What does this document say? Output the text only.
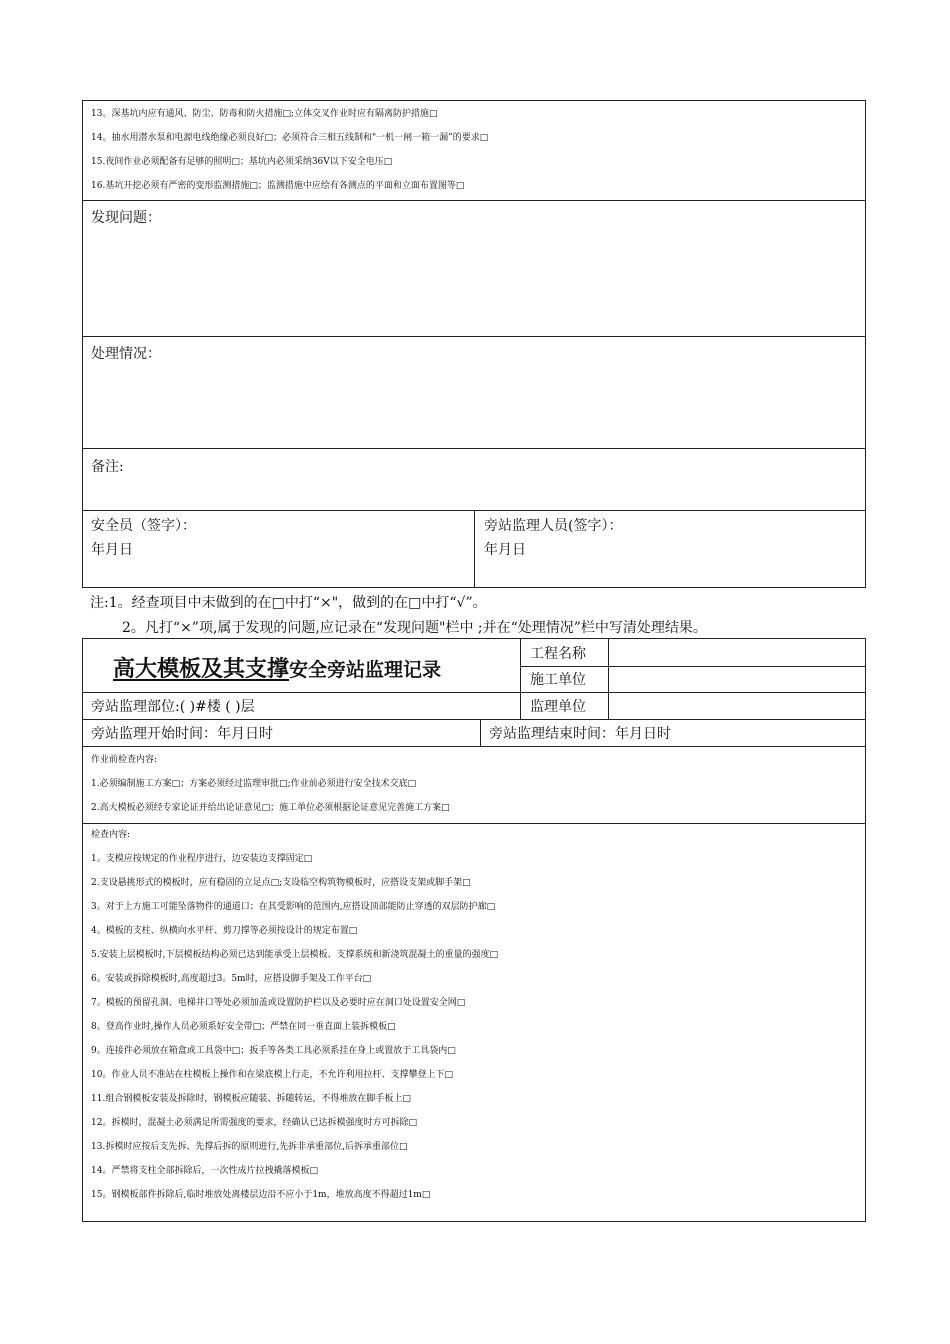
13。深基坑内应有通风、防尘、防毒和防火措施□;立体交叉作业时应有隔离防护措施□
14。抽水用潜水泵和电源电线绝缘必须良好□；必须符合三相五线制和"一机一闸一箱一漏”的要求□
15.夜间作业必须配备有足够的照明□；基坑内必须采纳36V以下安全电压□
16.基坑开挖必须有严密的变形监测措施□；监测措施中应绘有各测点的平面和立面布置图等□
发现问题：
处理情况：
备注:
安全员（签字）：
年月日
旁站监理人员(签字）：
年月日
注:1。经查项目中未做到的在□中打“×"，做到的在□中打“√”。
2。凡打“×”项,属于发现的问题,应记录在“发现问题"栏中 ;并在“处理情况”栏中写清处理结果。
高大模板及其支撑安全旁站监理记录
工程名称
施工单位
监理单位
旁站监理部位:( )#楼 ( )层
旁站监理开始时间：年月日时	旁站监理结束时间：年月日时
作业前检查内容:
1.必须编制施工方案□；方案必须经过监理审批□;作业前必须进行安全技术交底□
2.高大模板必须经专家论证并给出论证意见□；施工单位必须根据论证意见完善施工方案□
检查内容:
1。支模应按规定的作业程序进行，边安装边支撑固定□
2.支设悬挑形式的模板时，应有稳固的立足点□;支设临空构筑物模板时，应搭设支架或脚手架□
3。对于上方施工可能坠落物件的通道口；在其受影响的范围内,应搭设顶部能防止穿透的双层防护廊□
4。模板的支柱、纵横向水平杆、剪刀撑等必须按设计的规定布置□
5.安装上层模板时,下层模板结构必须已达到能承受上层模板、支撑系统和新浇筑混凝土的重量的强度□
6。安装或拆除模板时,高度超过3。5m时，应搭设脚手架及工作平台□
7。模板的预留孔洞、电梯井口等处必须加盖或设置防护栏以及必要时应在洞口处设置安全网□
8。登高作业时,操作人员必须系好安全带□；严禁在同一垂直面上装拆模板□
9。连接件必须放在箱盒或工具袋中□；扳手等各类工具必须系挂在身上或置放于工具袋内□
10。作业人员不准站在柱模板上操作和在梁底模上行走，不允许利用拉杆、支撑攀登上下□
11.组合钢模板安装及拆除时，钢模板应随装、拆随转运，不得堆放在脚手板上□
12。拆模时，混凝土必须满足所需强度的要求，经确认已达拆模强度时方可拆除□
13.拆模时应按后支先拆、先撑后拆的原则进行,先拆非承重部位,后拆承重部位□
14。严禁将支柱全部拆除后，一次性成片拉拽撬落模板□
15。钢模板部件拆除后,临时堆放处离楼层边沿不应小于1m，堆放高度不得超过1m□
